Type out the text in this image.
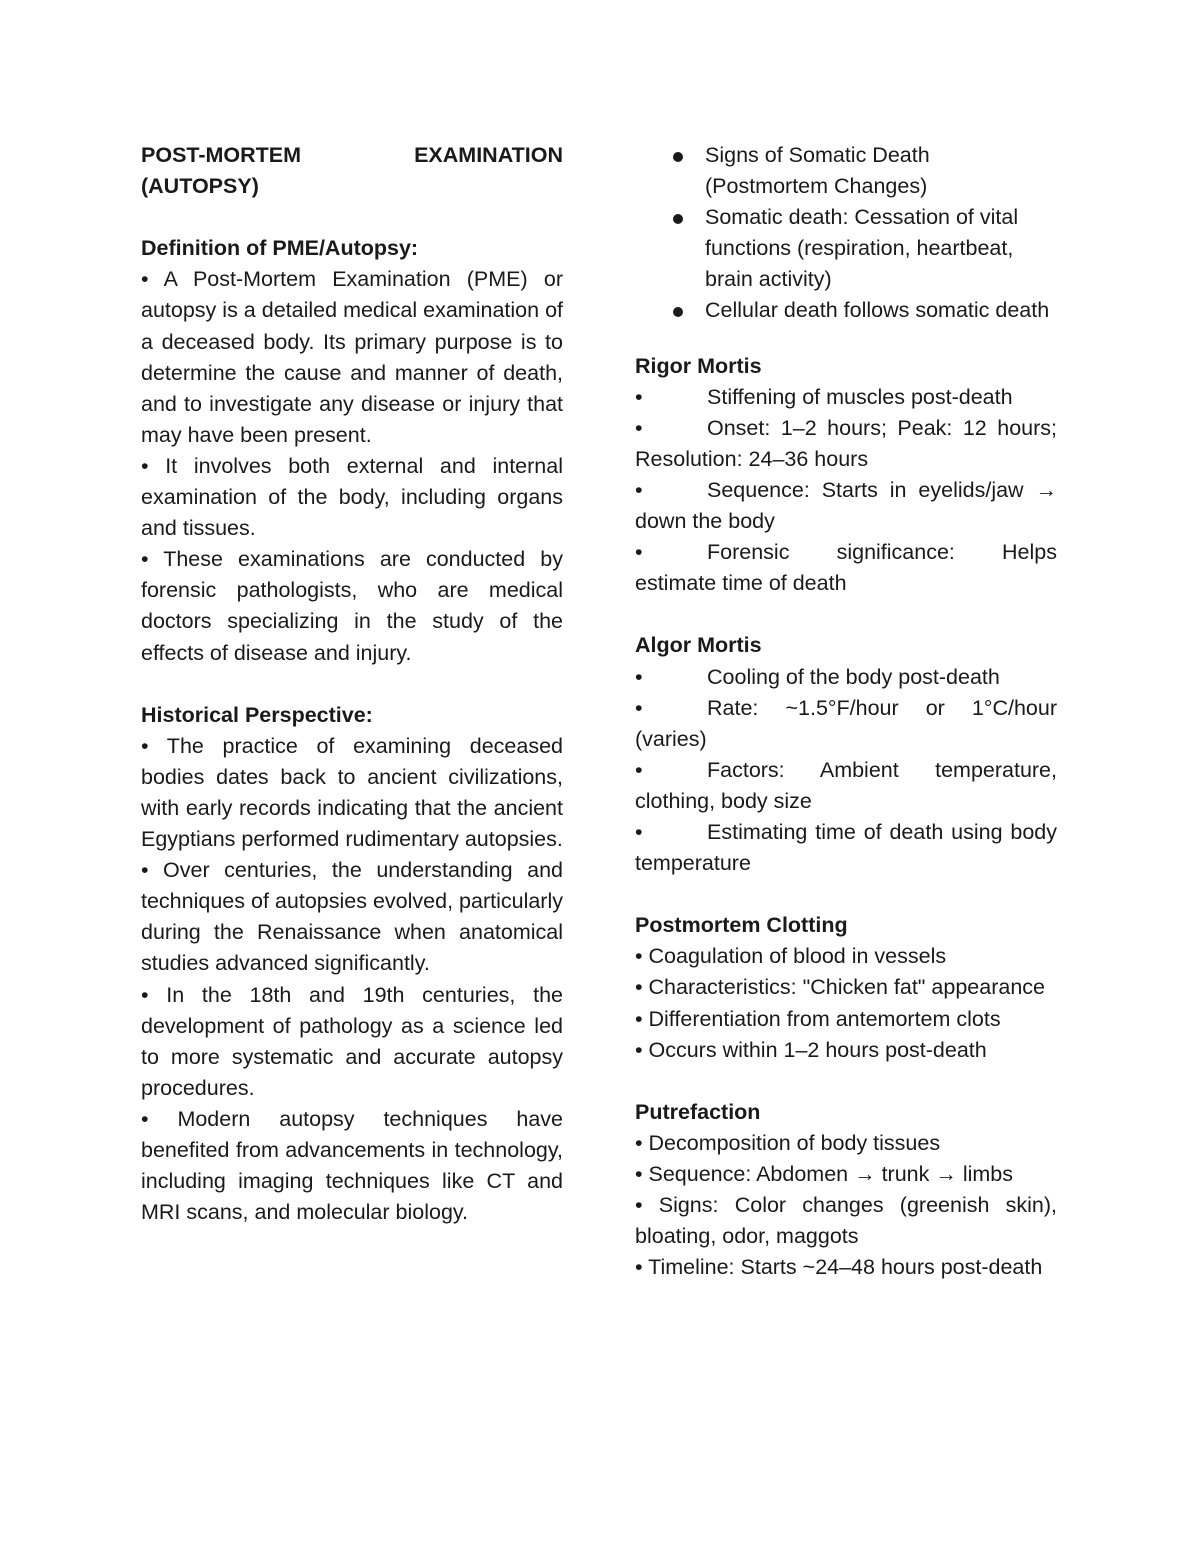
POST-MORTEM	EXAMINATION

(AUTOPSY)

Definition of PME/Autopsy:

• A Post-Mortem Examination (PME) or autopsy is a detailed medical examination of a deceased body. Its primary purpose is to determine the cause and manner of death, and to investigate any disease or injury that may have been present.

• It involves both external and internal examination of the body, including organs and tissues.

• These examinations are conducted by forensic pathologists, who are medical doctors specializing in the study of the effects of disease and injury.

Historical Perspective:

• The practice of examining deceased bodies dates back to ancient civilizations, with early records indicating that the ancient Egyptians performed rudimentary autopsies.

• Over centuries, the understanding and techniques of autopsies evolved, particularly during the Renaissance when anatomical studies advanced significantly.

• In the 18th and 19th centuries, the development of pathology as a science led to more systematic and accurate autopsy procedures.

• Modern autopsy techniques have benefited from advancements in technology, including imaging techniques like CT and MRI scans, and molecular biology.

Signs of Somatic Death (Postmortem Changes)
Somatic death: Cessation of vital functions (respiration, heartbeat, brain activity)
Cellular death follows somatic death

Rigor Mortis

•	Stiffening of muscles post-death

•	Onset: 1–2 hours; Peak: 12 hours; Resolution: 24–36 hours

•	Sequence: Starts in eyelids/jaw → down the body

•	Forensic significance: Helps estimate time of death

Algor Mortis

•	Cooling of the body post-death

•	Rate: ~1.5°F/hour or 1°C/hour (varies)

•	Factors: Ambient temperature, clothing, body size

•	Estimating time of death using body temperature

Postmortem Clotting

• Coagulation of blood in vessels

• Characteristics: "Chicken fat" appearance

• Differentiation from antemortem clots

• Occurs within 1–2 hours post-death

Putrefaction

• Decomposition of body tissues

• Sequence: Abdomen → trunk → limbs

• Signs: Color changes (greenish skin), bloating, odor, maggots

• Timeline: Starts ~24–48 hours post-death
